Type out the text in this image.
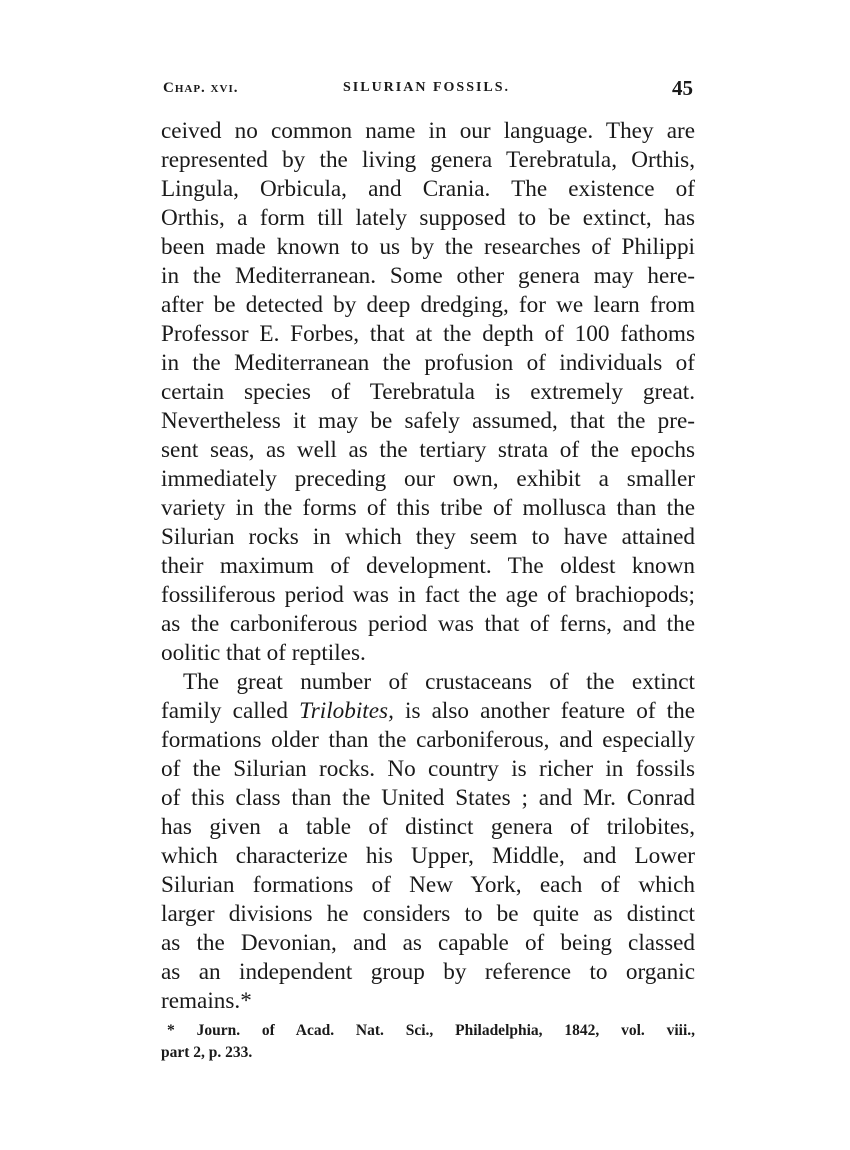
Chap. xvi.	SILURIAN FOSSILS.	45

ceived no common name in our language. They are
represented by the living genera Terebratula, Orthis,
Lingula, Orbicula, and Crania. The existence of
Orthis, a form till lately supposed to be extinct, has
been made known to us by the researches of Philippi
in the Mediterranean. Some other genera may here-
after be detected by deep dredging, for we learn from
Professor E. Forbes, that at the depth of 100 fathoms
in the Mediterranean the profusion of individuals of
certain species of Terebratula is extremely great.
Nevertheless it may be safely assumed, that the pre-
sent seas, as well as the tertiary strata of the epochs
immediately preceding our own, exhibit a smaller
variety in the forms of this tribe of mollusca than the
Silurian rocks in which they seem to have attained
their maximum of development. The oldest known
fossiliferous period was in fact the age of brachiopods;
as the carboniferous period was that of ferns, and the
oolitic that of reptiles.

The great number of crustaceans of the extinct
family called Trilobites, is also another feature of the
formations older than the carboniferous, and especially
of the Silurian rocks. No country is richer in fossils
of this class than the United States ; and Mr. Conrad
has given a table of distinct genera of trilobites,
which characterize his Upper, Middle, and Lower
Silurian formations of New York, each of which
larger divisions he considers to be quite as distinct
as the Devonian, and as capable of being classed
as an independent group by reference to organic
remains.*

* Journ. of Acad. Nat. Sci., Philadelphia, 1842, vol. viii.,
part 2, p. 233.
